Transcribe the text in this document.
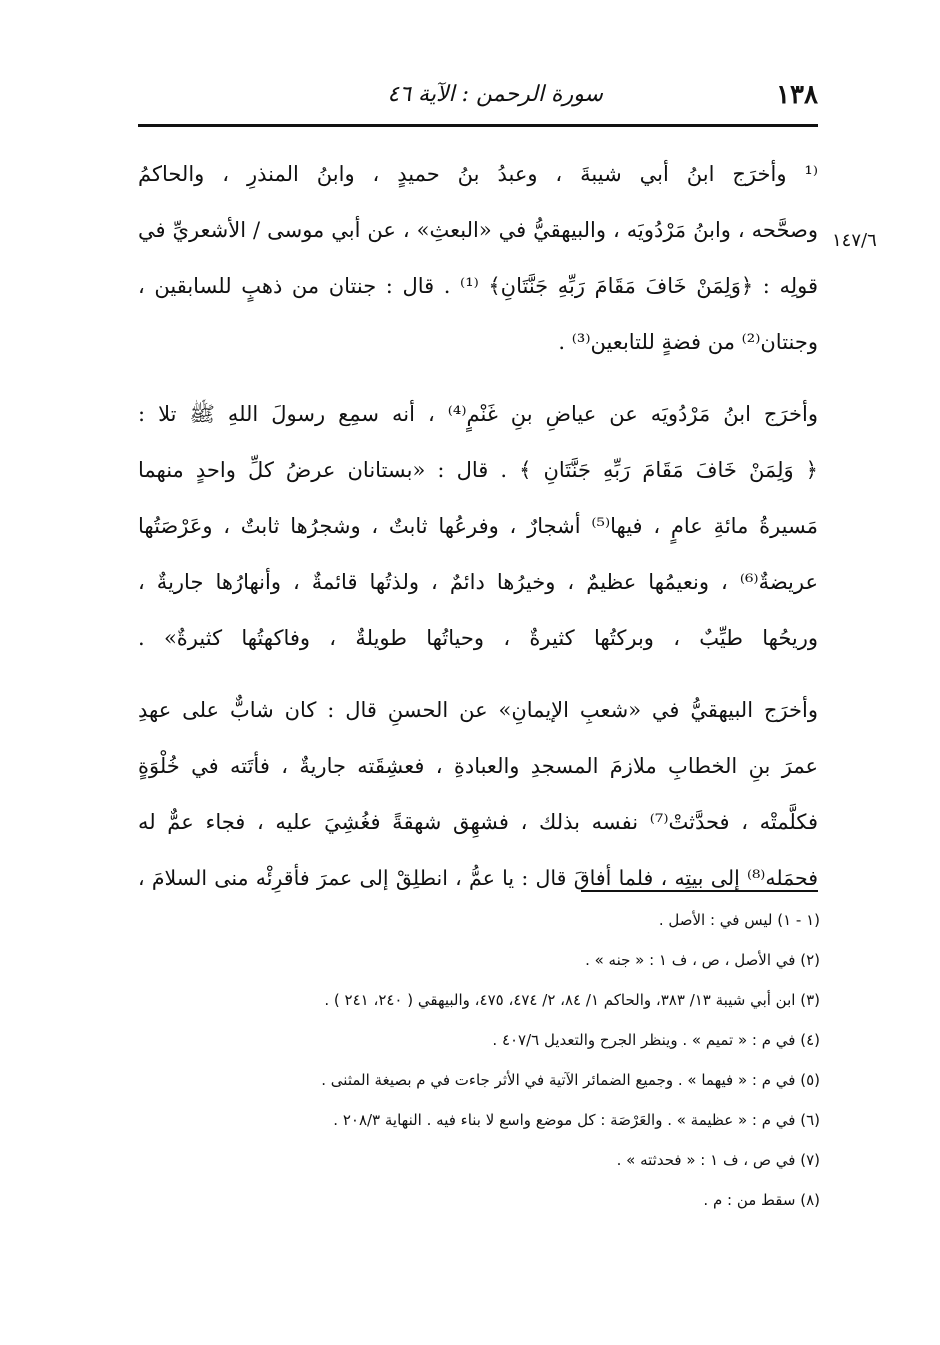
١٣٨
سورة الرحمن : الآية ٤٦
١٤٧/٦
⁽¹ وأخرَج ابنُ أبي شيبةَ ، وعبدُ بنُ حميدٍ ، وابنُ المنذرِ ، والحاكمُ
وصحَّحه ، وابنُ مَرْدُويَه ، والبيهقيُّ في «البعثِ» ، عن أبي موسى / الأشعريِّ في
قولِه : ﴿وَلِمَنْ خَافَ مَقَامَ رَبِّهِ جَنَّتَانِ﴾ ⁽¹⁾ . قال : جنتان من ذهبٍ للسابقين ،
وجنتان⁽²⁾ من فضةٍ للتابعين⁽³⁾ .
وأخرَج ابنُ مَرْدُويَه عن عياضِ بنِ غَنْمٍ⁽⁴⁾ ، أنه سمِع رسولَ اللهِ ﷺ تلا :
﴿ وَلِمَنْ خَافَ مَقَامَ رَبِّهِ جَنَّتَانِ ﴾ . قال : «بستانان عرضُ كلِّ واحدٍ منهما
مَسيرةُ مائةِ عامٍ ، فيها⁽⁵⁾ أشجارٌ ، وفرعُها ثابتٌ ، وشجرُها ثابتٌ ، وعَرْصَتُها
عريضةٌ⁽⁶⁾ ، ونعيمُها عظيمٌ ، وخيرُها دائمٌ ، ولذتُها قائمةٌ ، وأنهارُها جاريةٌ ،
وريحُها طيِّبٌ ، وبركتُها كثيرةٌ ، وحياتُها طويلةٌ ، وفاكهتُها كثيرةٌ» .
وأخرَج البيهقيُّ في «شعبِ الإيمانِ» عن الحسنِ قال : كان شابٌّ على عهدِ
عمرَ بنِ الخطابِ ملازمَ المسجدِ والعبادةِ ، فعشِقَته جاريةٌ ، فأتَته في خُلْوَةٍ
فكلَّمتْه ، فحدَّثتْ⁽⁷⁾ نفسه بذلك ، فشهِق شهقةً فغُشِيَ عليه ، فجاء عمٌّ له
فحمَله⁽⁸⁾ إلى بيتِه ، فلما أفاقَ قال : يا عمُّ ، انطلِقْ إلى عمرَ فأقرِئْه منى السلامَ ،
(١ - ١) ليس في : الأصل .
(٢) في الأصل ، ص ، ف ١ : « جنه » .
(٣) ابن أبي شيبة ١٣/ ٣٨٣، والحاكم ١/ ٨٤، ٢/ ٤٧٤، ٤٧٥، والبيهقي ( ٢٤٠، ٢٤١ ) .
(٤) في م : « تميم » . وينظر الجرح والتعديل ٤٠٧/٦ .
(٥) في م : « فيهما » . وجميع الضمائر الآتية في الأثر جاءت في م بصيغة المثنى .
(٦) في م : « عظيمة » . والعَرْصَة : كل موضع واسع لا بناء فيه . النهاية ٢٠٨/٣ .
(٧) في ص ، ف ١ : « فحدثته » .
(٨) سقط من : م .
